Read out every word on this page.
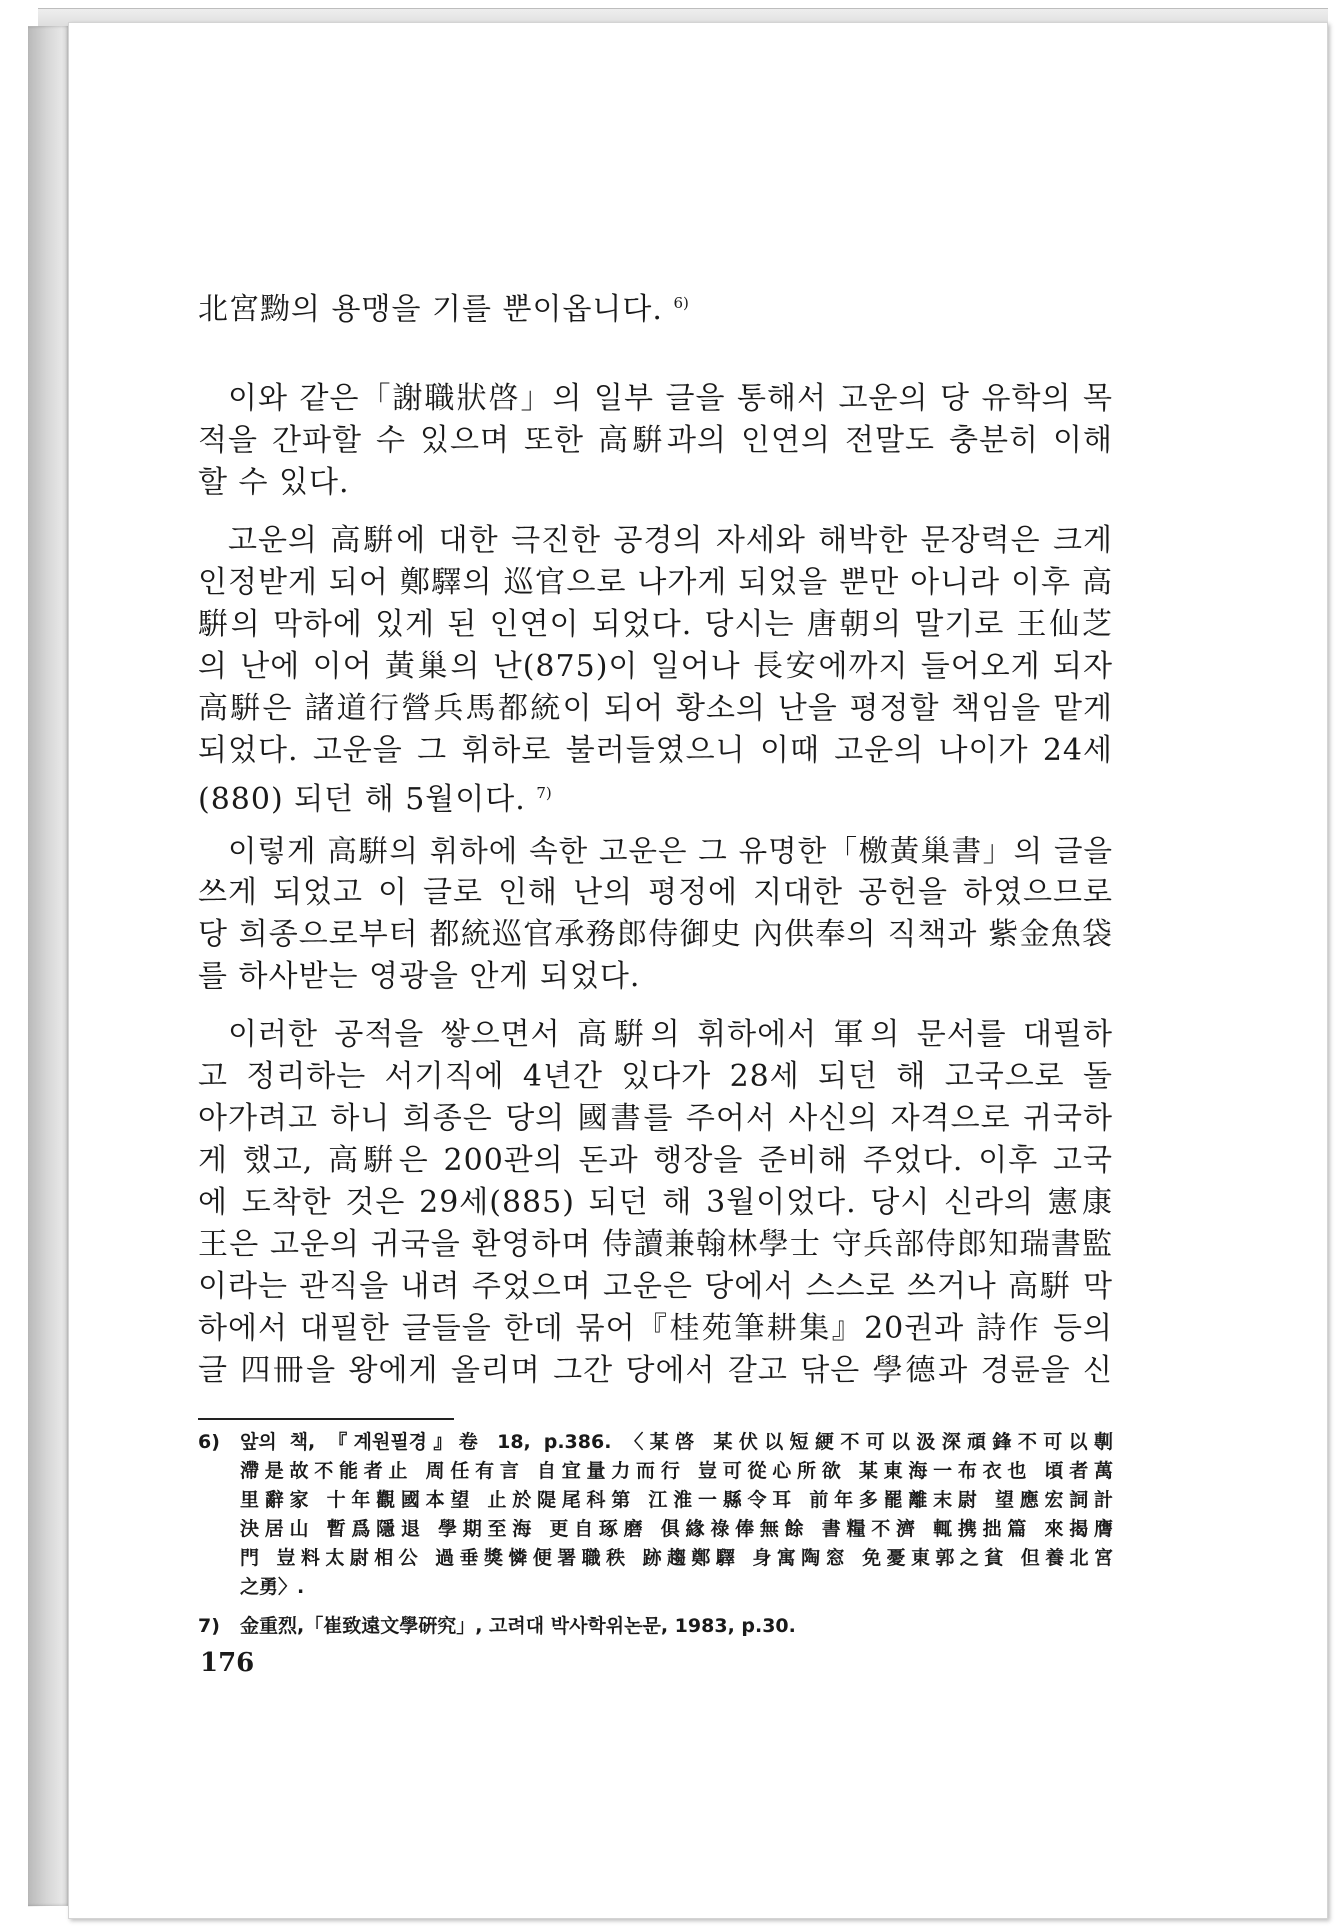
北宮黝의 용맹을 기를 뿐이옵니다. $^{6)}$
이와 같은「謝職狀啓」의 일부 글을 통해서 고운의 당 유학의 목
적을 간파할 수 있으며 또한 高騈과의 인연의 전말도 충분히 이해
할 수 있다.
고운의 高騈에 대한 극진한 공경의 자세와 해박한 문장력은 크게
인정받게 되어 鄭驛의 巡官으로 나가게 되었을 뿐만 아니라 이후 高
騈의 막하에 있게 된 인연이 되었다. 당시는 唐朝의 말기로 王仙芝
의 난에 이어 黃巢의 난(875)이 일어나 長安에까지 들어오게 되자
高騈은 諸道行營兵馬都統이 되어 황소의 난을 평정할 책임을 맡게
되었다. 고운을 그 휘하로 불러들였으니 이때 고운의 나이가 24세
(880) 되던 해 5월이다. $^{7)}$
이렇게 高騈의 휘하에 속한 고운은 그 유명한「檄黃巢書」의 글을
쓰게 되었고 이 글로 인해 난의 평정에 지대한 공헌을 하였으므로
당 희종으로부터 都統巡官承務郎侍御史 內供奉의 직책과 紫金魚袋
를 하사받는 영광을 안게 되었다.
이러한 공적을 쌓으면서 高騈의 휘하에서 軍의 문서를 대필하
고 정리하는 서기직에 4년간 있다가 28세 되던 해 고국으로 돌
아가려고 하니 희종은 당의 國書를 주어서 사신의 자격으로 귀국하
게 했고, 高騈은 200관의 돈과 행장을 준비해 주었다. 이후 고국
에 도착한 것은 29세(885) 되던 해 3월이었다. 당시 신라의 憲康
王은 고운의 귀국을 환영하며 侍讀兼翰林學士 守兵部侍郎知瑞書監
이라는 관직을 내려 주었으며 고운은 당에서 스스로 쓰거나 高騈 막
하에서 대필한 글들을 한데 묶어『桂苑筆耕集』20권과 詩作 등의
글 四冊을 왕에게 올리며 그간 당에서 갈고 닦은 學德과 경륜을 신
6) 앞의 책, 『계원필경』卷 18, p.386. 〈某啓 某伏以短綆不可以汲深頑鋒不可以剸
滯是故不能者止 周任有言 自宜量力而行 豈可從心所欲 某東海一布衣也 頃者萬
里辭家 十年觀國本望 止於隄尾科第 江淮一縣令耳 前年多罷離末尉 望應宏詞計
決居山 暫爲隱退 學期至海 更自琢磨 俱緣祿俸無餘 書糧不濟 輒携拙篇 來揭膺
門 豈料太尉相公 過垂獎憐便署職秩 跡趨鄭驛 身寓陶窓 免憂東郭之貧 但養北宮
之勇〉.
7) 金重烈,「崔致遠文學硏究」, 고려대 박사학위논문, 1983, p.30.
176
